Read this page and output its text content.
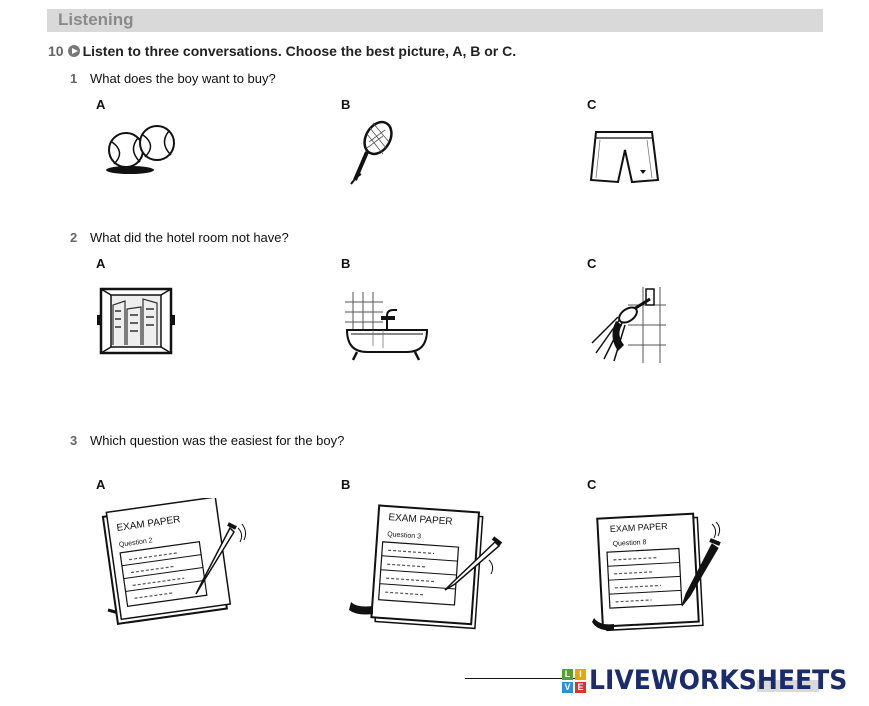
Listening
10 Listen to three conversations. Choose the best picture, A, B or C.
1 What does the boy want to buy?
A	B	C
2 What did the hotel room not have?
A	B	C
3 Which question was the easiest for the boy?
A	B	C
EXAM PAPER
Question 2
EXAM PAPER
Question 3
EXAM PAPER
Question 8
L I
V E LIVEWORKSHEETS
